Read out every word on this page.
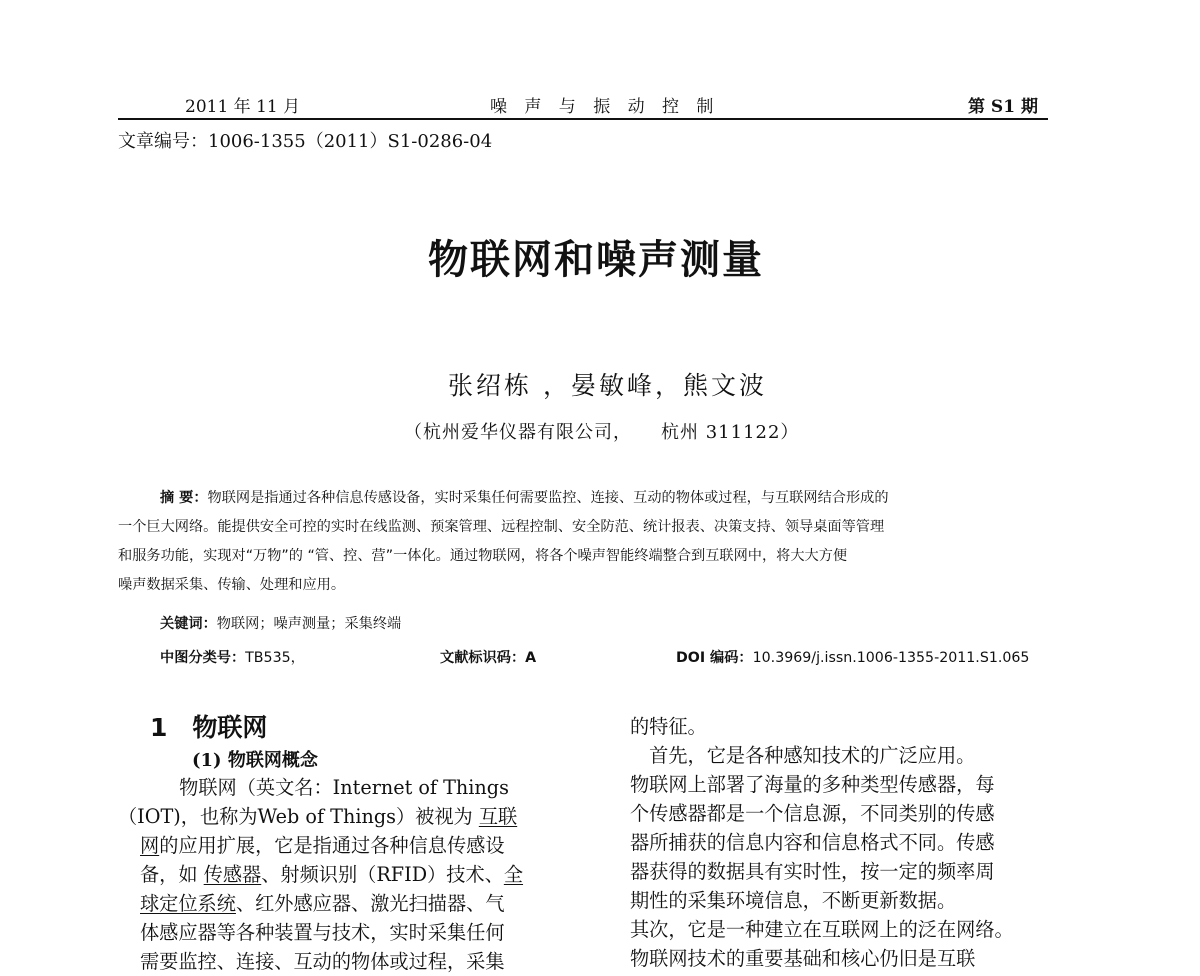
2011 年 11 月	噪 声 与 振 动 控 制	第 S1 期
文章编号：1006-1355（2011）S1-0286-04
物联网和噪声测量
张绍栋 ，晏敏峰，熊文波
（杭州爱华仪器有限公司，　　杭州 311122）
摘 要：物联网是指通过各种信息传感设备，实时采集任何需要监控、连接、互动的物体或过程，与互联网结合形成的
一个巨大网络。能提供安全可控的实时在线监测、预案管理、远程控制、安全防范、统计报表、决策支持、领导桌面等管理
和服务功能，实现对“万物”的 “管、控、营”一体化。通过物联网，将各个噪声智能终端整合到互联网中，将大大方便
噪声数据采集、传输、处理和应用。
关键词：物联网；噪声测量；采集终端
中图分类号：TB535，	文献标识码：A	DOI 编码：10.3969/j.issn.1006-1355-2011.S1.065
1　物联网
(1) 物联网概念
　物联网（英文名：Internet of Things
（IOT)，也称为Web of Things）被视为 互联
网的应用扩展，它是指通过各种信息传感设
备，如 传感器、射频识别（RFID）技术、全
球定位系统、红外感应器、激光扫描器、气
体感应器等各种装置与技术，实时采集任何
需要监控、连接、互动的物体或过程，采集
的特征。
　首先，它是各种感知技术的广泛应用。
物联网上部署了海量的多种类型传感器，每
个传感器都是一个信息源，不同类别的传感
器所捕获的信息内容和信息格式不同。传感
器获得的数据具有实时性，按一定的频率周
期性的采集环境信息，不断更新数据。
其次，它是一种建立在互联网上的泛在网络。
物联网技术的重要基础和核心仍旧是互联
